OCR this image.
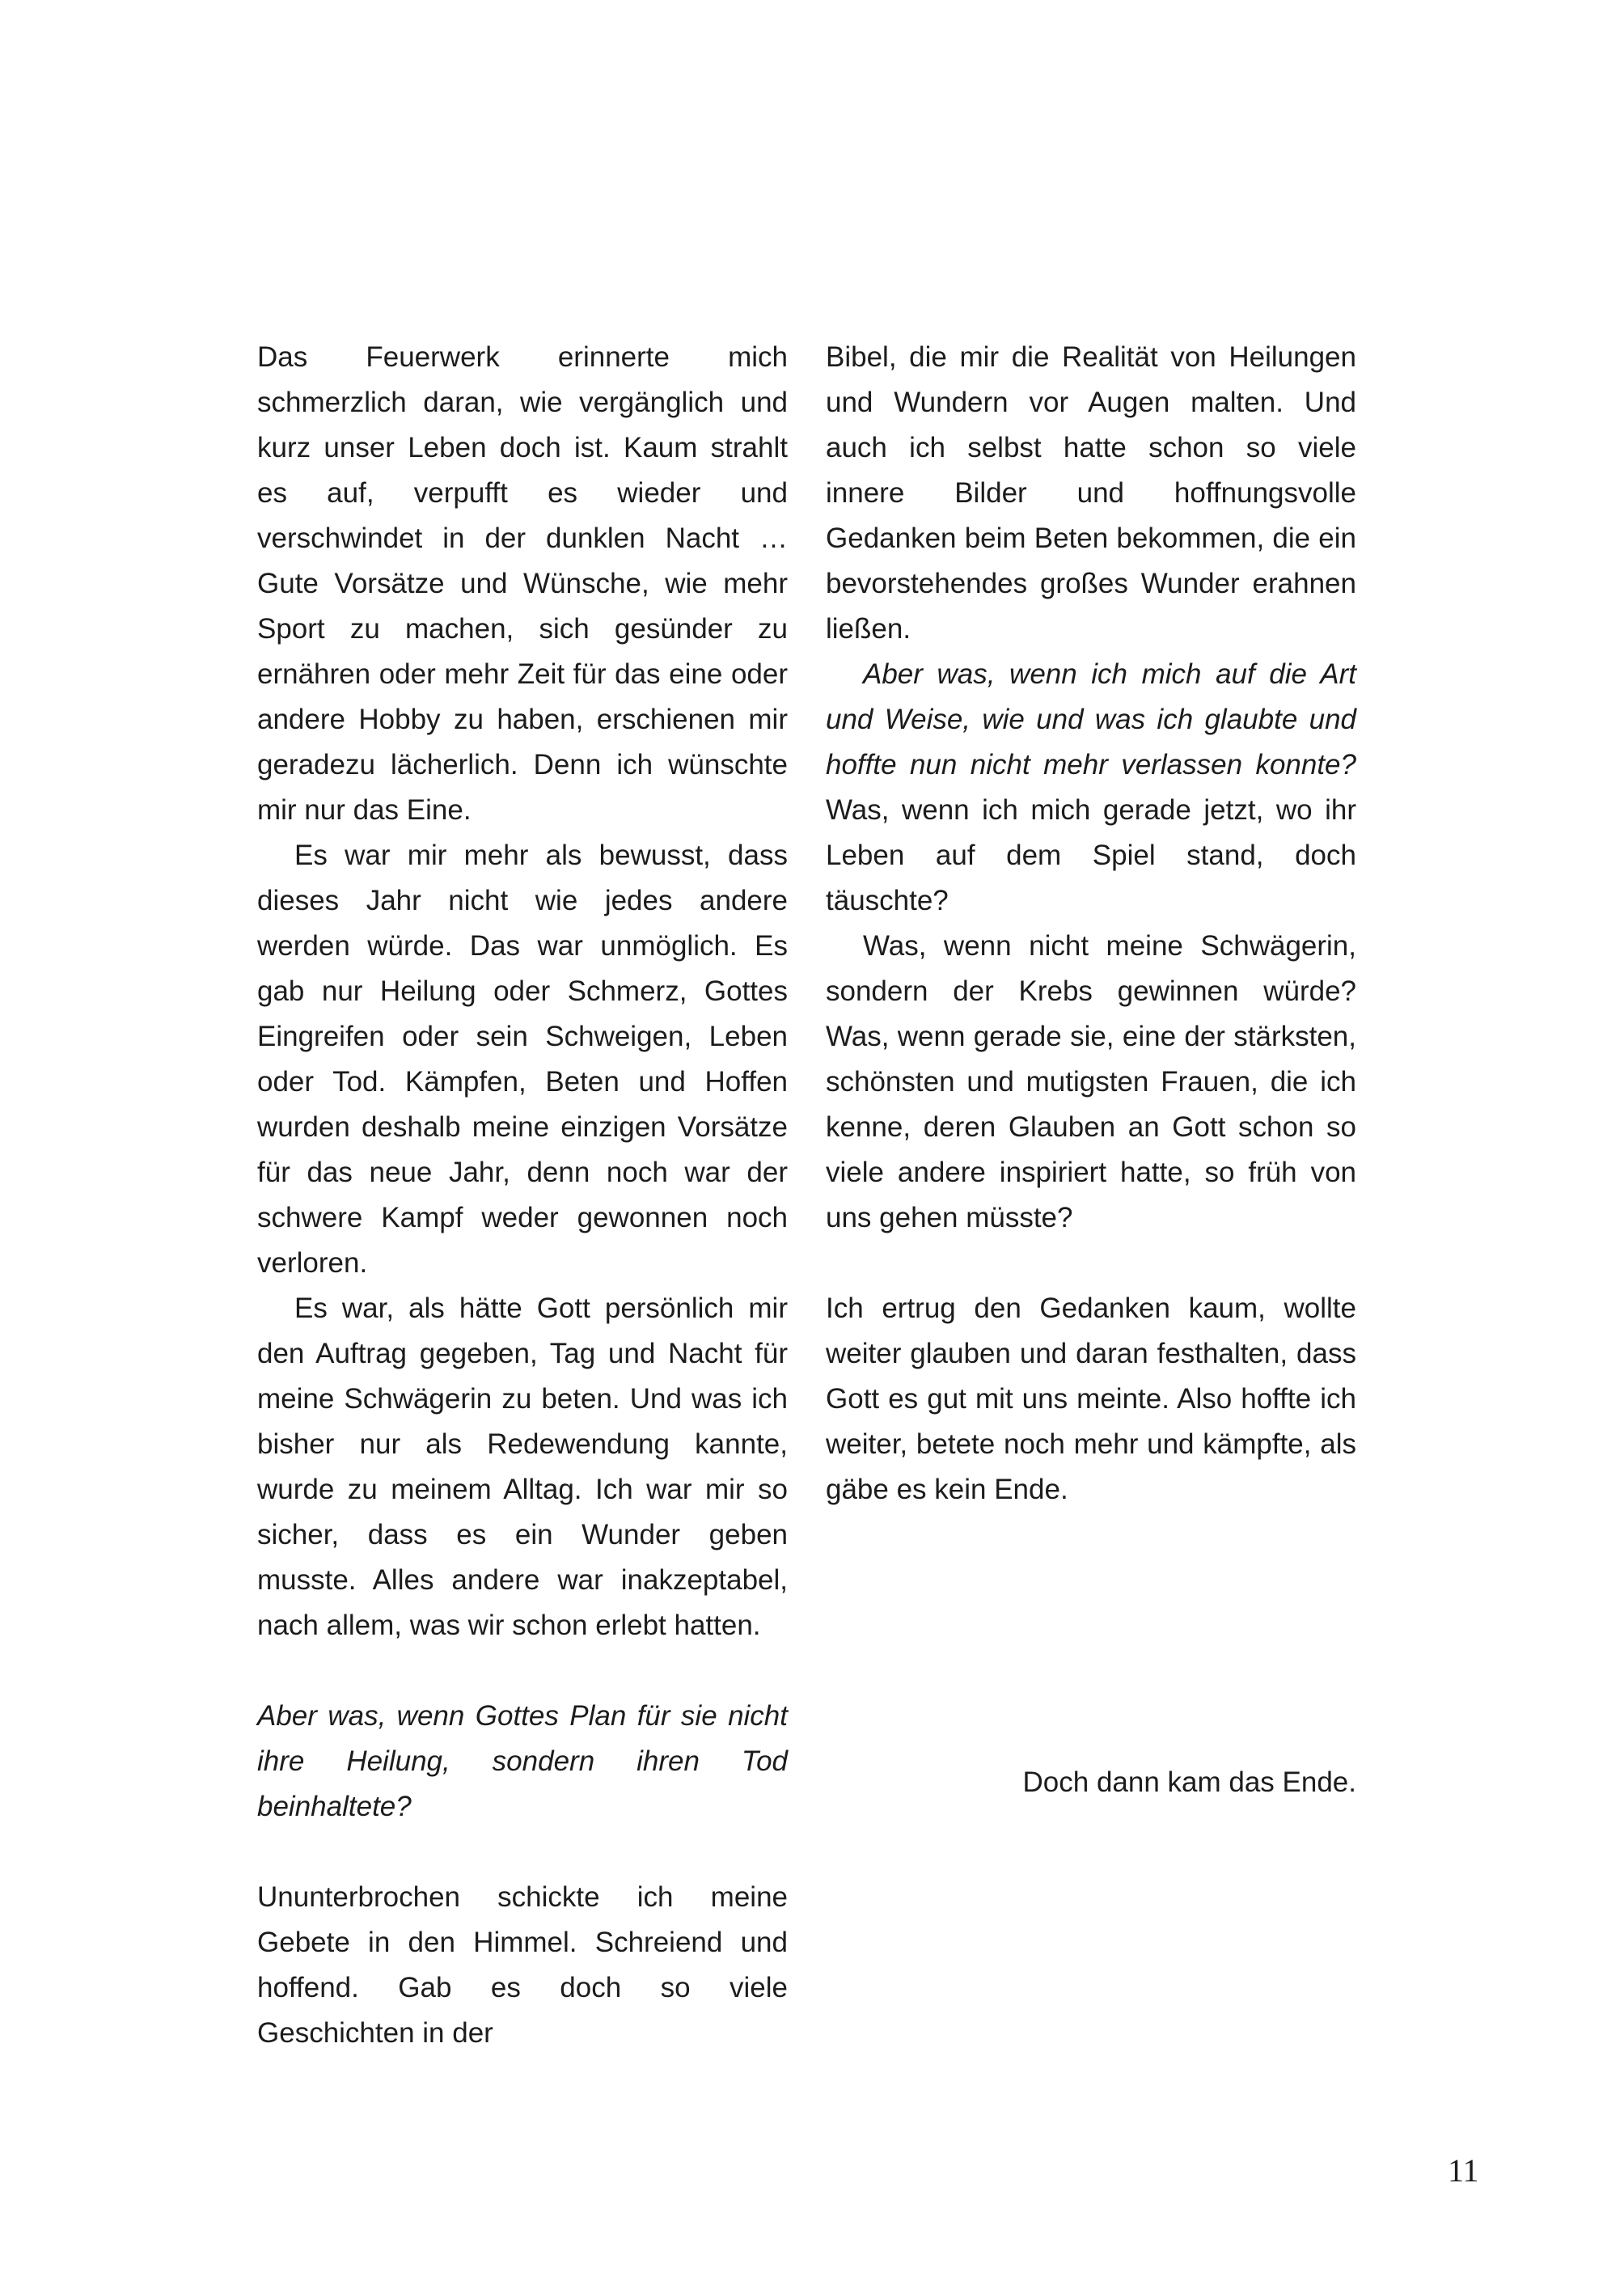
Das Feuerwerk erinnerte mich schmerzlich daran, wie vergänglich und kurz unser Leben doch ist. Kaum strahlt es auf, verpufft es wieder und verschwindet in der dunklen Nacht … Gute Vorsätze und Wünsche, wie mehr Sport zu machen, sich gesünder zu ernähren oder mehr Zeit für das eine oder andere Hobby zu haben, erschienen mir geradezu lächerlich. Denn ich wünschte mir nur das Eine.

Es war mir mehr als bewusst, dass dieses Jahr nicht wie jedes andere werden würde. Das war unmöglich. Es gab nur Heilung oder Schmerz, Gottes Eingreifen oder sein Schweigen, Leben oder Tod. Kämpfen, Beten und Hoffen wurden deshalb meine einzigen Vorsätze für das neue Jahr, denn noch war der schwere Kampf weder gewonnen noch verloren.

Es war, als hätte Gott persönlich mir den Auftrag gegeben, Tag und Nacht für meine Schwägerin zu beten. Und was ich bisher nur als Redewendung kannte, wurde zu meinem Alltag. Ich war mir so sicher, dass es ein Wunder geben musste. Alles andere war inakzeptabel, nach allem, was wir schon erlebt hatten.

Aber was, wenn Gottes Plan für sie nicht ihre Heilung, sondern ihren Tod beinhaltete?

Ununterbrochen schickte ich meine Gebete in den Himmel. Schreiend und hoffend. Gab es doch so viele Geschichten in der

Bibel, die mir die Realität von Heilungen und Wundern vor Augen malten. Und auch ich selbst hatte schon so viele innere Bilder und hoffnungsvolle Gedanken beim Beten bekommen, die ein bevorstehendes großes Wunder erahnen ließen.

Aber was, wenn ich mich auf die Art und Weise, wie und was ich glaubte und hoffte nun nicht mehr verlassen konnte? Was, wenn ich mich gerade jetzt, wo ihr Leben auf dem Spiel stand, doch täuschte?

Was, wenn nicht meine Schwägerin, sondern der Krebs gewinnen würde? Was, wenn gerade sie, eine der stärksten, schönsten und mutigsten Frauen, die ich kenne, deren Glauben an Gott schon so viele andere inspiriert hatte, so früh von uns gehen müsste?

Ich ertrug den Gedanken kaum, wollte weiter glauben und daran festhalten, dass Gott es gut mit uns meinte. Also hoffte ich weiter, betete noch mehr und kämpfte, als gäbe es kein Ende.

Doch dann kam das Ende.
11
